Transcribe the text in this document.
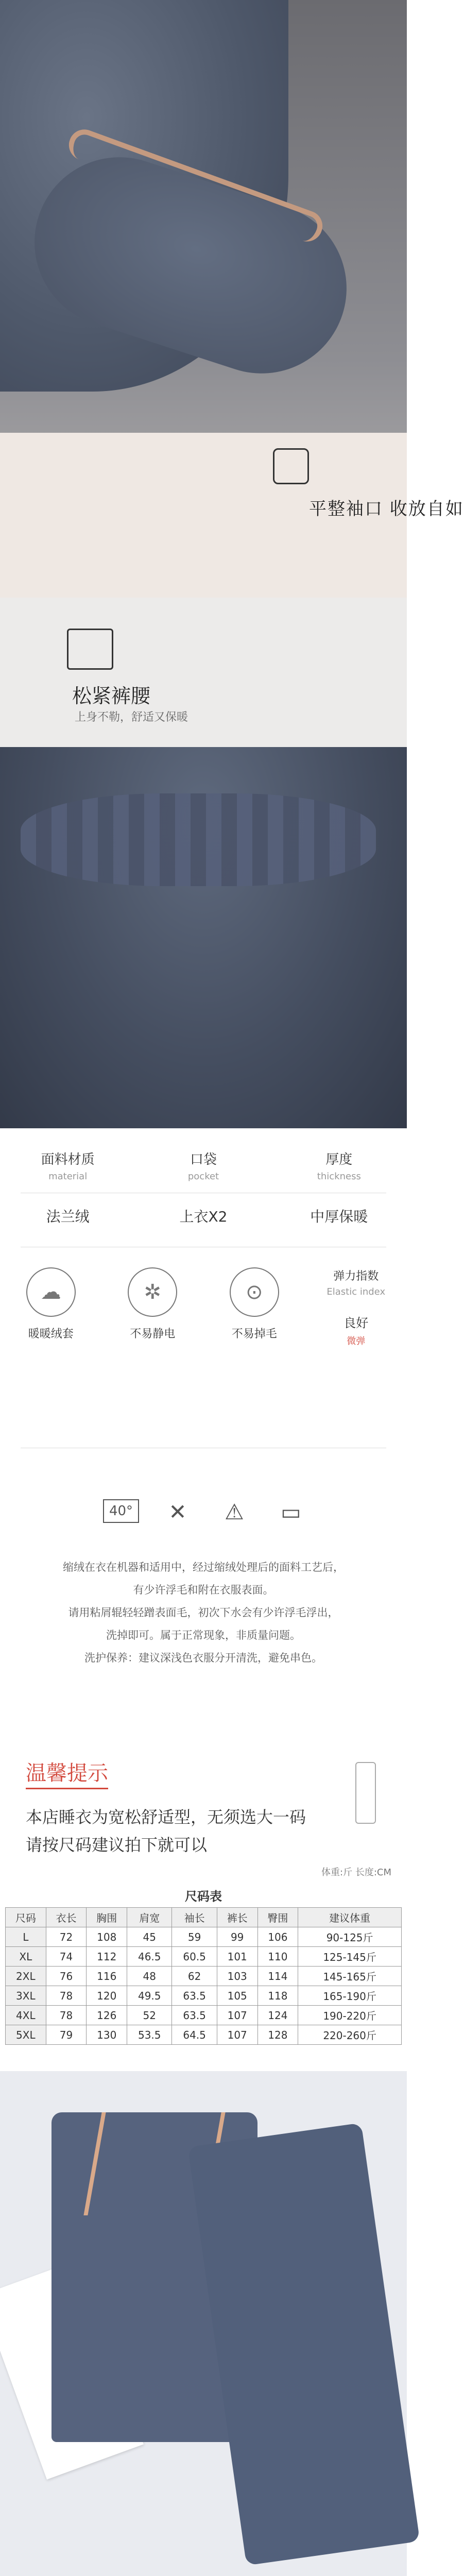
平整袖口 收放自如
松紧裤腰
上身不勒，舒适又保暖
面料材质
material
口袋
pocket
厚度
thickness
法兰绒	上衣X2	中厚保暖
☁
暖暖绒套
✲
不易静电
⊙
不易掉毛
弹力指数
Elastic index
良好
微弹
40°	✕	⚠	▭
缩绒在衣在机器和适用中，经过缩绒处理后的面料工艺后，
有少许浮毛和附在衣服表面。
请用粘屑辊轻轻蹭表面毛，初次下水会有少许浮毛浮出，
洗掉即可。属于正常现象，非质量问题。
洗护保养：建议深浅色衣服分开清洗，避免串色。
温馨提示
本店睡衣为宽松舒适型，无须选大一码
请按尺码建议拍下就可以
体重:斤 长度:CM
尺码表
尺码	衣长	胸围	肩宽	袖长	裤长	臀围	建议体重
L	72	108	45	59	99	106	90-125斤
XL	74	112	46.5	60.5	101	110	125-145斤
2XL	76	116	48	62	103	114	145-165斤
3XL	78	120	49.5	63.5	105	118	165-190斤
4XL	78	126	52	63.5	107	124	190-220斤
5XL	79	130	53.5	64.5	107	128	220-260斤
